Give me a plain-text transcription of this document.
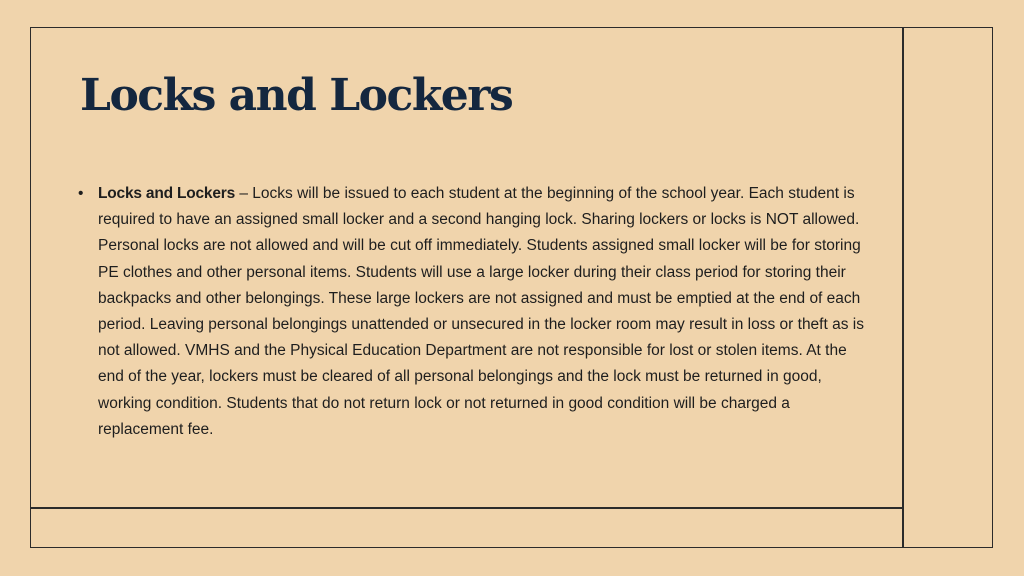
Locks and Lockers
• Locks and Lockers – Locks will be issued to each student at the beginning of the school year. Each student is required to have an assigned small locker and a second hanging lock. Sharing lockers or locks is NOT allowed. Personal locks are not allowed and will be cut off immediately. Students assigned small locker will be for storing PE clothes and other personal items. Students will use a large locker during their class period for storing their backpacks and other belongings. These large lockers are not assigned and must be emptied at the end of each period. Leaving personal belongings unattended or unsecured in the locker room may result in loss or theft as is not allowed. VMHS and the Physical Education Department are not responsible for lost or stolen items. At the end of the year, lockers must be cleared of all personal belongings and the lock must be returned in good, working condition. Students that do not return lock or not returned in good condition will be charged a replacement fee.
